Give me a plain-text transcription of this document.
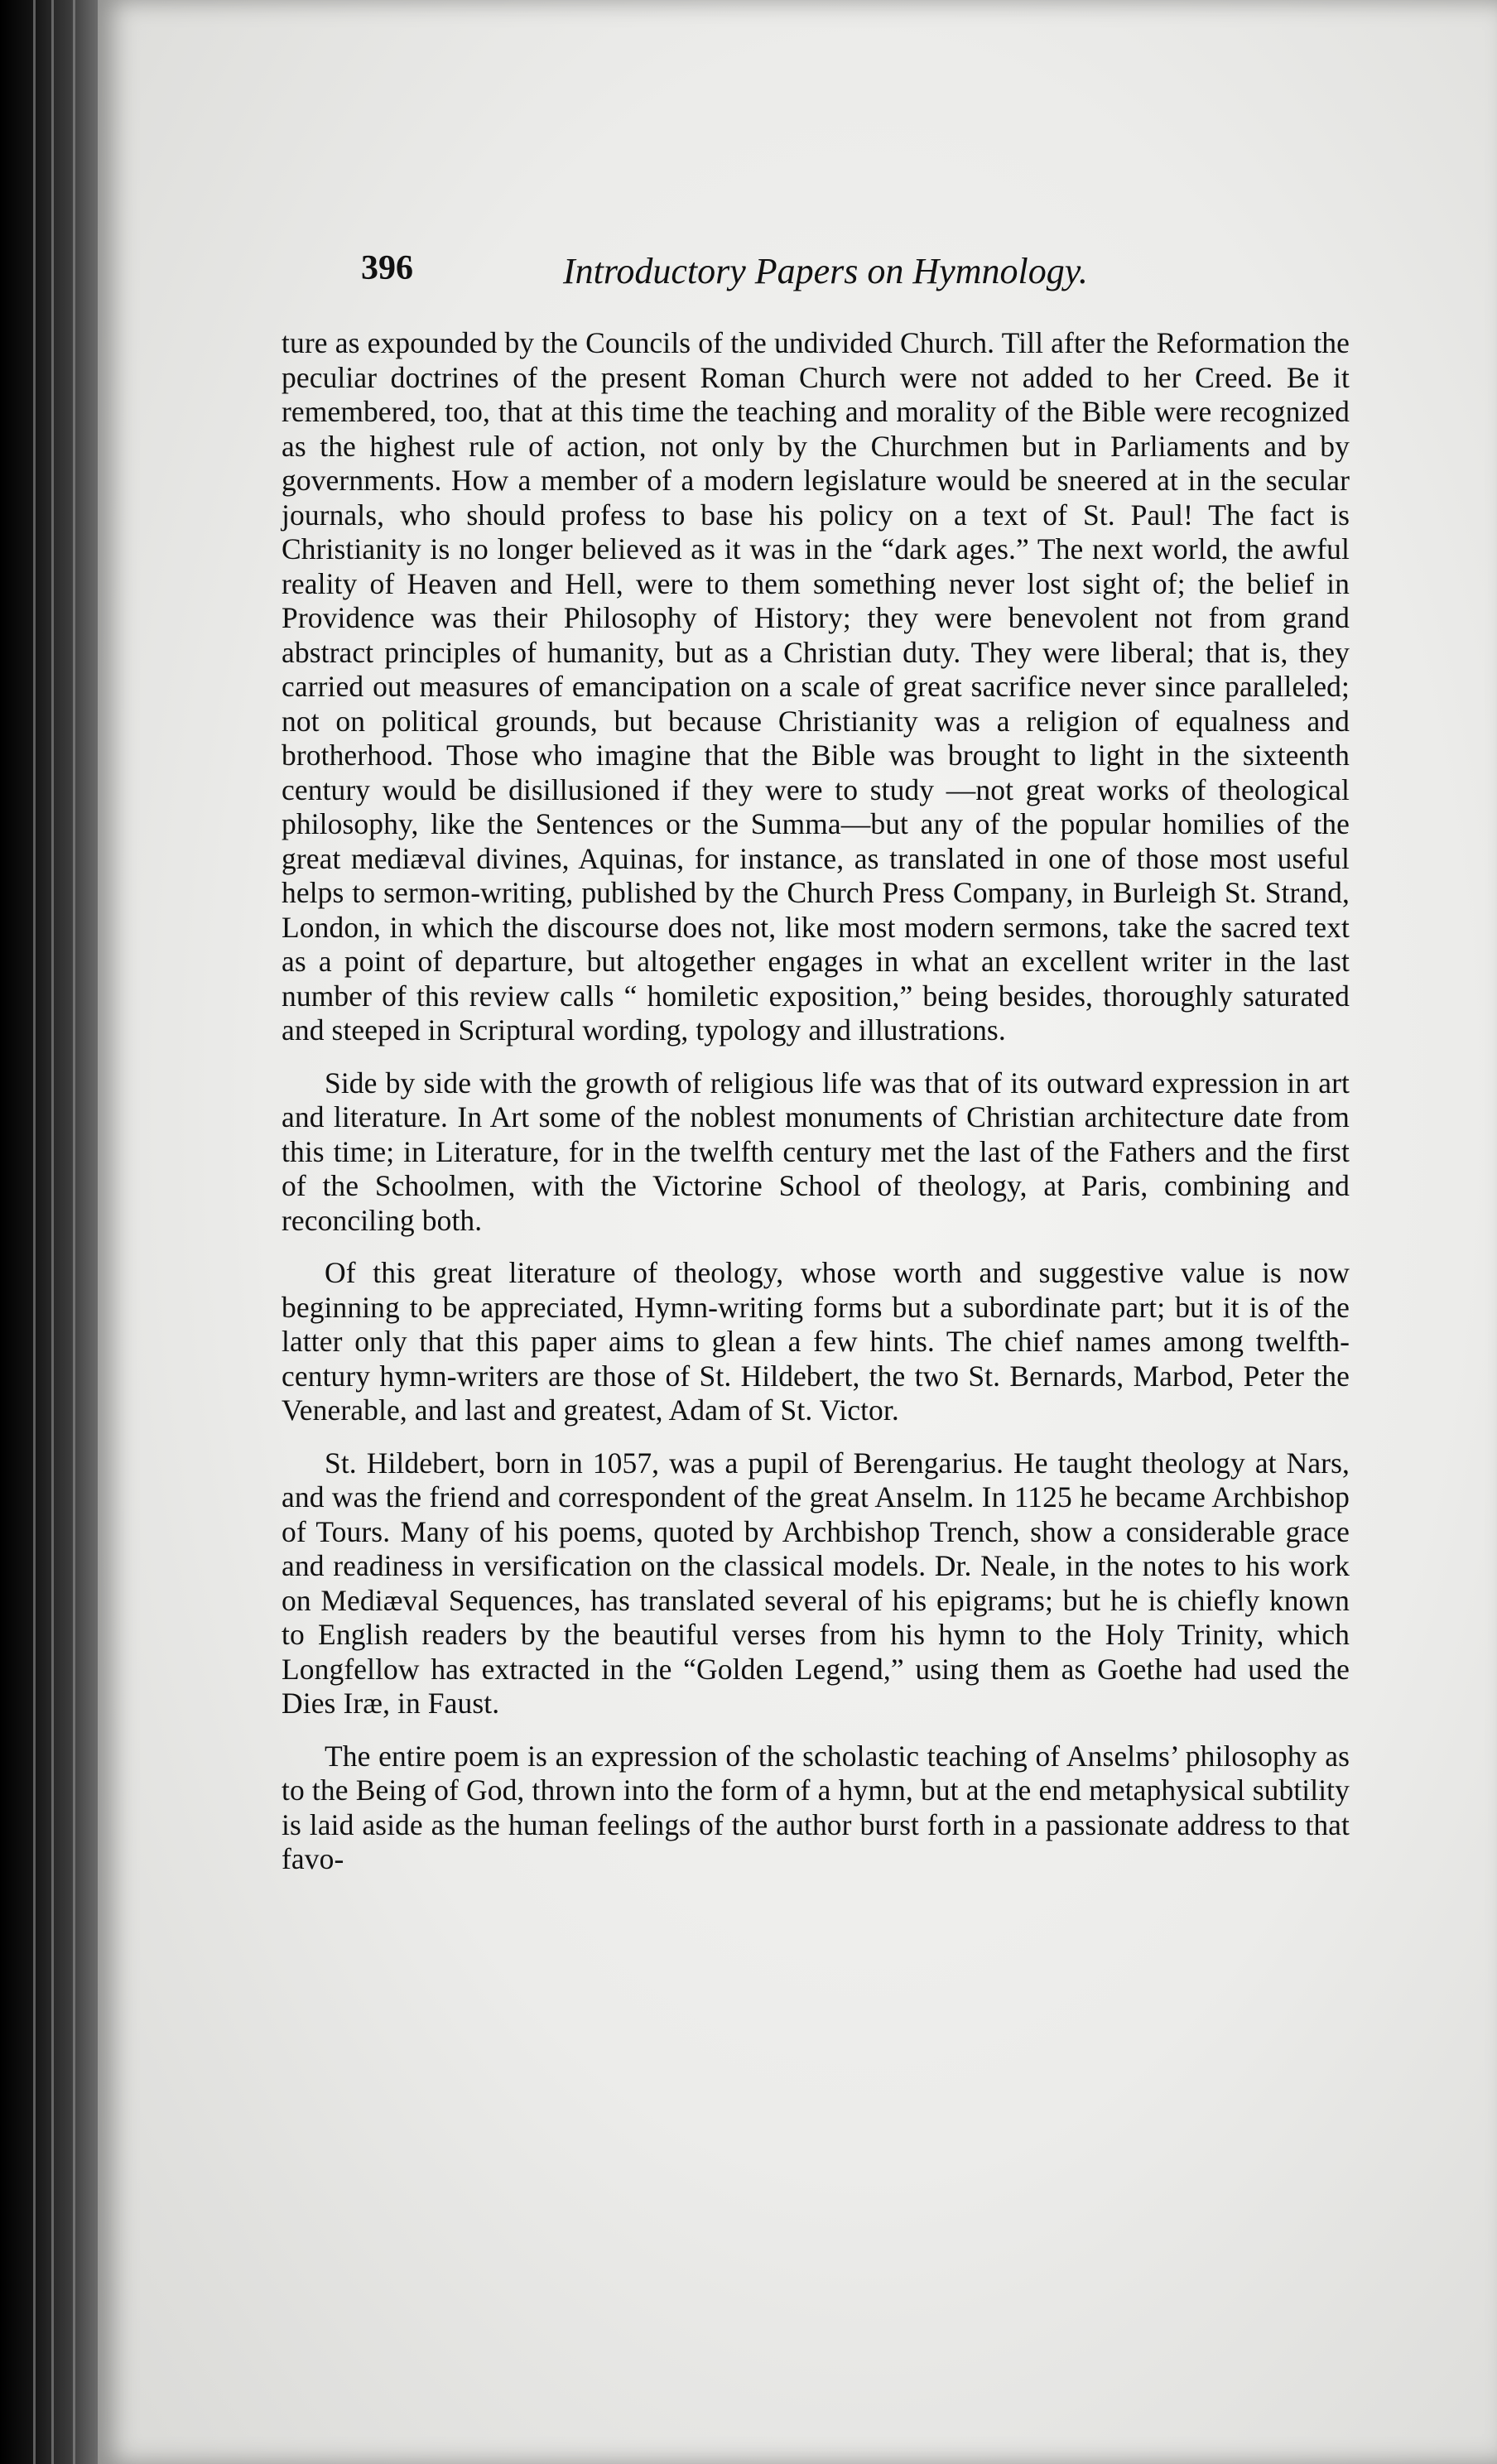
396	Introductory Papers on Hymnology.

ture as expounded by the Councils of the undivided Church. Till after the Reformation the peculiar doctrines of the present Roman Church were not added to her Creed. Be it remembered, too, that at this time the teaching and morality of the Bible were recognized as the highest rule of action, not only by the Churchmen but in Parliaments and by governments. How a member of a modern legislature would be sneered at in the secular journals, who should profess to base his policy on a text of St. Paul! The fact is Christianity is no longer believed as it was in the “dark ages.” The next world, the awful reality of Heaven and Hell, were to them something never lost sight of; the belief in Providence was their Philosophy of History; they were benevolent not from grand abstract principles of humanity, but as a Christian duty. They were liberal; that is, they carried out measures of emancipation on a scale of great sacrifice never since paralleled; not on political grounds, but because Christianity was a religion of equalness and brotherhood. Those who imagine that the Bible was brought to light in the sixteenth century would be disillusioned if they were to study —not great works of theological philosophy, like the Sentences or the Summa—but any of the popular homilies of the great mediæval divines, Aquinas, for instance, as translated in one of those most useful helps to sermon-writing, published by the Church Press Company, in Burleigh St. Strand, London, in which the discourse does not, like most modern sermons, take the sacred text as a point of departure, but altogether engages in what an excellent writer in the last number of this review calls “ homiletic exposition,” being besides, thoroughly saturated and steeped in Scriptural wording, typology and illustrations.

Side by side with the growth of religious life was that of its outward expression in art and literature. In Art some of the noblest monuments of Christian architecture date from this time; in Literature, for in the twelfth century met the last of the Fathers and the first of the Schoolmen, with the Victorine School of theology, at Paris, combining and reconciling both.

Of this great literature of theology, whose worth and suggestive value is now beginning to be appreciated, Hymn-writing forms but a subordinate part; but it is of the latter only that this paper aims to glean a few hints. The chief names among twelfth-century hymn-writers are those of St. Hildebert, the two St. Bernards, Marbod, Peter the Venerable, and last and greatest, Adam of St. Victor.

St. Hildebert, born in 1057, was a pupil of Berengarius. He taught theology at Nars, and was the friend and correspondent of the great Anselm. In 1125 he became Archbishop of Tours. Many of his poems, quoted by Archbishop Trench, show a considerable grace and readiness in versification on the classical models. Dr. Neale, in the notes to his work on Mediæval Sequences, has translated several of his epigrams; but he is chiefly known to English readers by the beautiful verses from his hymn to the Holy Trinity, which Longfellow has extracted in the “Golden Legend,” using them as Goethe had used the Dies Iræ, in Faust.

The entire poem is an expression of the scholastic teaching of Anselms’ philosophy as to the Being of God, thrown into the form of a hymn, but at the end metaphysical subtility is laid aside as the human feelings of the author burst forth in a passionate address to that favo-
